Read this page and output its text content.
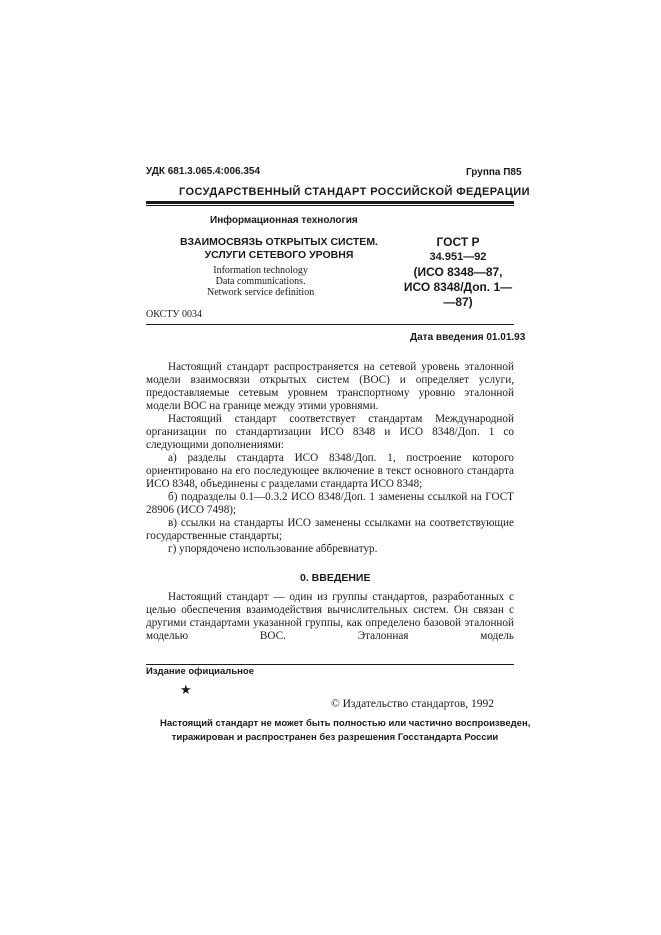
УДК 681.3.065.4:006.354	Группа П85
ГОСУДАРСТВЕННЫЙ СТАНДАРТ РОССИЙСКОЙ ФЕДЕРАЦИИ
Информационная технология
ВЗАИМОСВЯЗЬ ОТКРЫТЫХ СИСТЕМ.
УСЛУГИ СЕТЕВОГО УРОВНЯ
ГОСТ Р
34.951—92
(ИСО 8348—87,
ИСО 8348/Доп. 1—
—87)
Information technology
Data communications.
Network service definition
ОКСТУ 0034
Дата введения 01.01.93

Настоящий стандарт распространяется на сетевой уровень эталонной модели взаимосвязи открытых систем (ВОС) и определяет услуги, предоставляемые сетевым уровнем транспортному уровню эталонной модели ВОС на границе между этими уровнями.

Настоящий стандарт соответствует стандартам Международной организации по стандартизации ИСО 8348 и ИСО 8348/Доп. 1 со следующими дополнениями:

а) разделы стандарта ИСО 8348/Доп. 1, построение которого ориентировано на его последующее включение в текст основного стандарта ИСО 8348, объединены с разделами стандарта ИСО 8348;

б) подразделы 0.1—0.3.2 ИСО 8348/Доп. 1 заменены ссылкой на ГОСТ 28906 (ИСО 7498);

в) ссылки на стандарты ИСО заменены ссылками на соответствующие государственные стандарты;

г) упорядочено использование аббревиатур.

0. ВВЕДЕНИЕ

Настоящий стандарт — один из группы стандартов, разработанных с целью обеспечения взаимодействия вычислительных систем. Он связан с другими стандартами указанной группы, как определено базовой эталонной моделью ВОС. Эталонная модель

Издание официальное
★
© Издательство стандартов, 1992
Настоящий стандарт не может быть полностью или частично воспроизведен,
тиражирован и распространен без разрешения Госстандарта России
